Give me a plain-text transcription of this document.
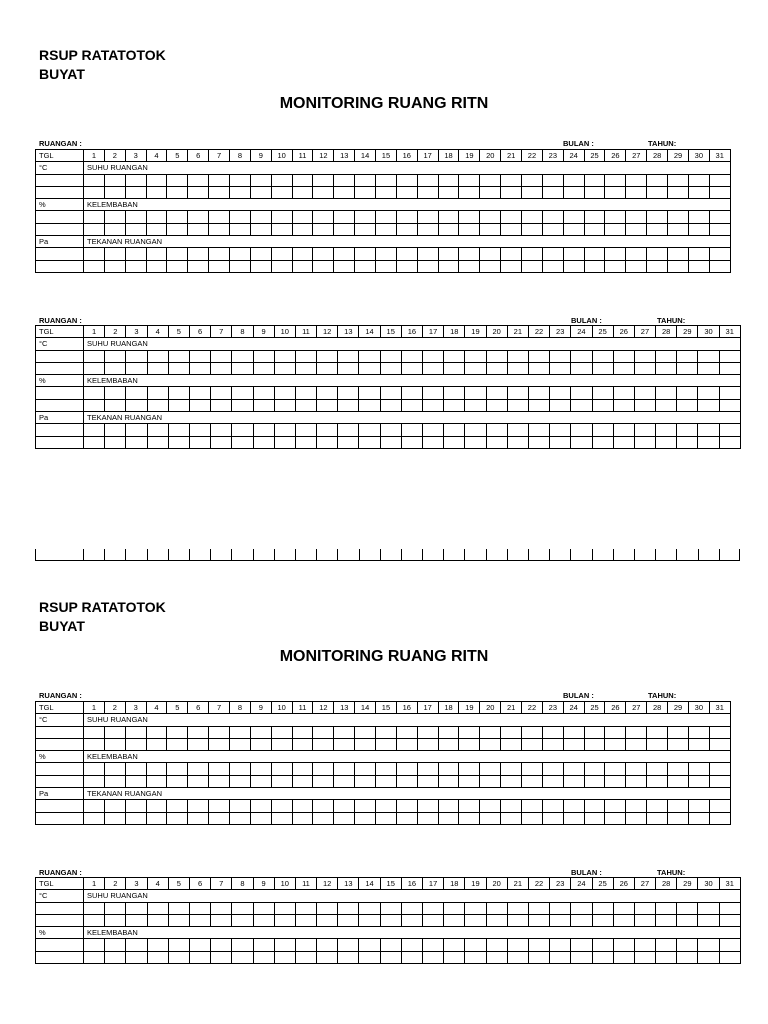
RSUP RATATOTOK
BUYAT
MONITORING RUANG RITN
RUANGAN :	BULAN :	TAHUN:
TGL	1	2	3	4	5	6	7	8	9	10	11	12	13	14	15	16	17	18	19	20	21	22	23	24	25	26	27	28	29	30	31
°C	SUHU RUANGAN																														

%	KELEMBABAN																														

Pa	TEKANAN RUANGAN																														

RUANGAN :	BULAN :	TAHUN:
TGL	1	2	3	4	5	6	7	8	9	10	11	12	13	14	15	16	17	18	19	20	21	22	23	24	25	26	27	28	29	30	31
°C	SUHU RUANGAN																														

%	KELEMBABAN																														

Pa	TEKANAN RUANGAN																														

RSUP RATATOTOK
BUYAT
MONITORING RUANG RITN
RUANGAN :	BULAN :	TAHUN:
TGL	1	2	3	4	5	6	7	8	9	10	11	12	13	14	15	16	17	18	19	20	21	22	23	24	25	26	27	28	29	30	31
°C	SUHU RUANGAN																														

%	KELEMBABAN																														

Pa	TEKANAN RUANGAN																														

RUANGAN :	BULAN :	TAHUN:
TGL	1	2	3	4	5	6	7	8	9	10	11	12	13	14	15	16	17	18	19	20	21	22	23	24	25	26	27	28	29	30	31
°C	SUHU RUANGAN																														

%	KELEMBABAN																														
